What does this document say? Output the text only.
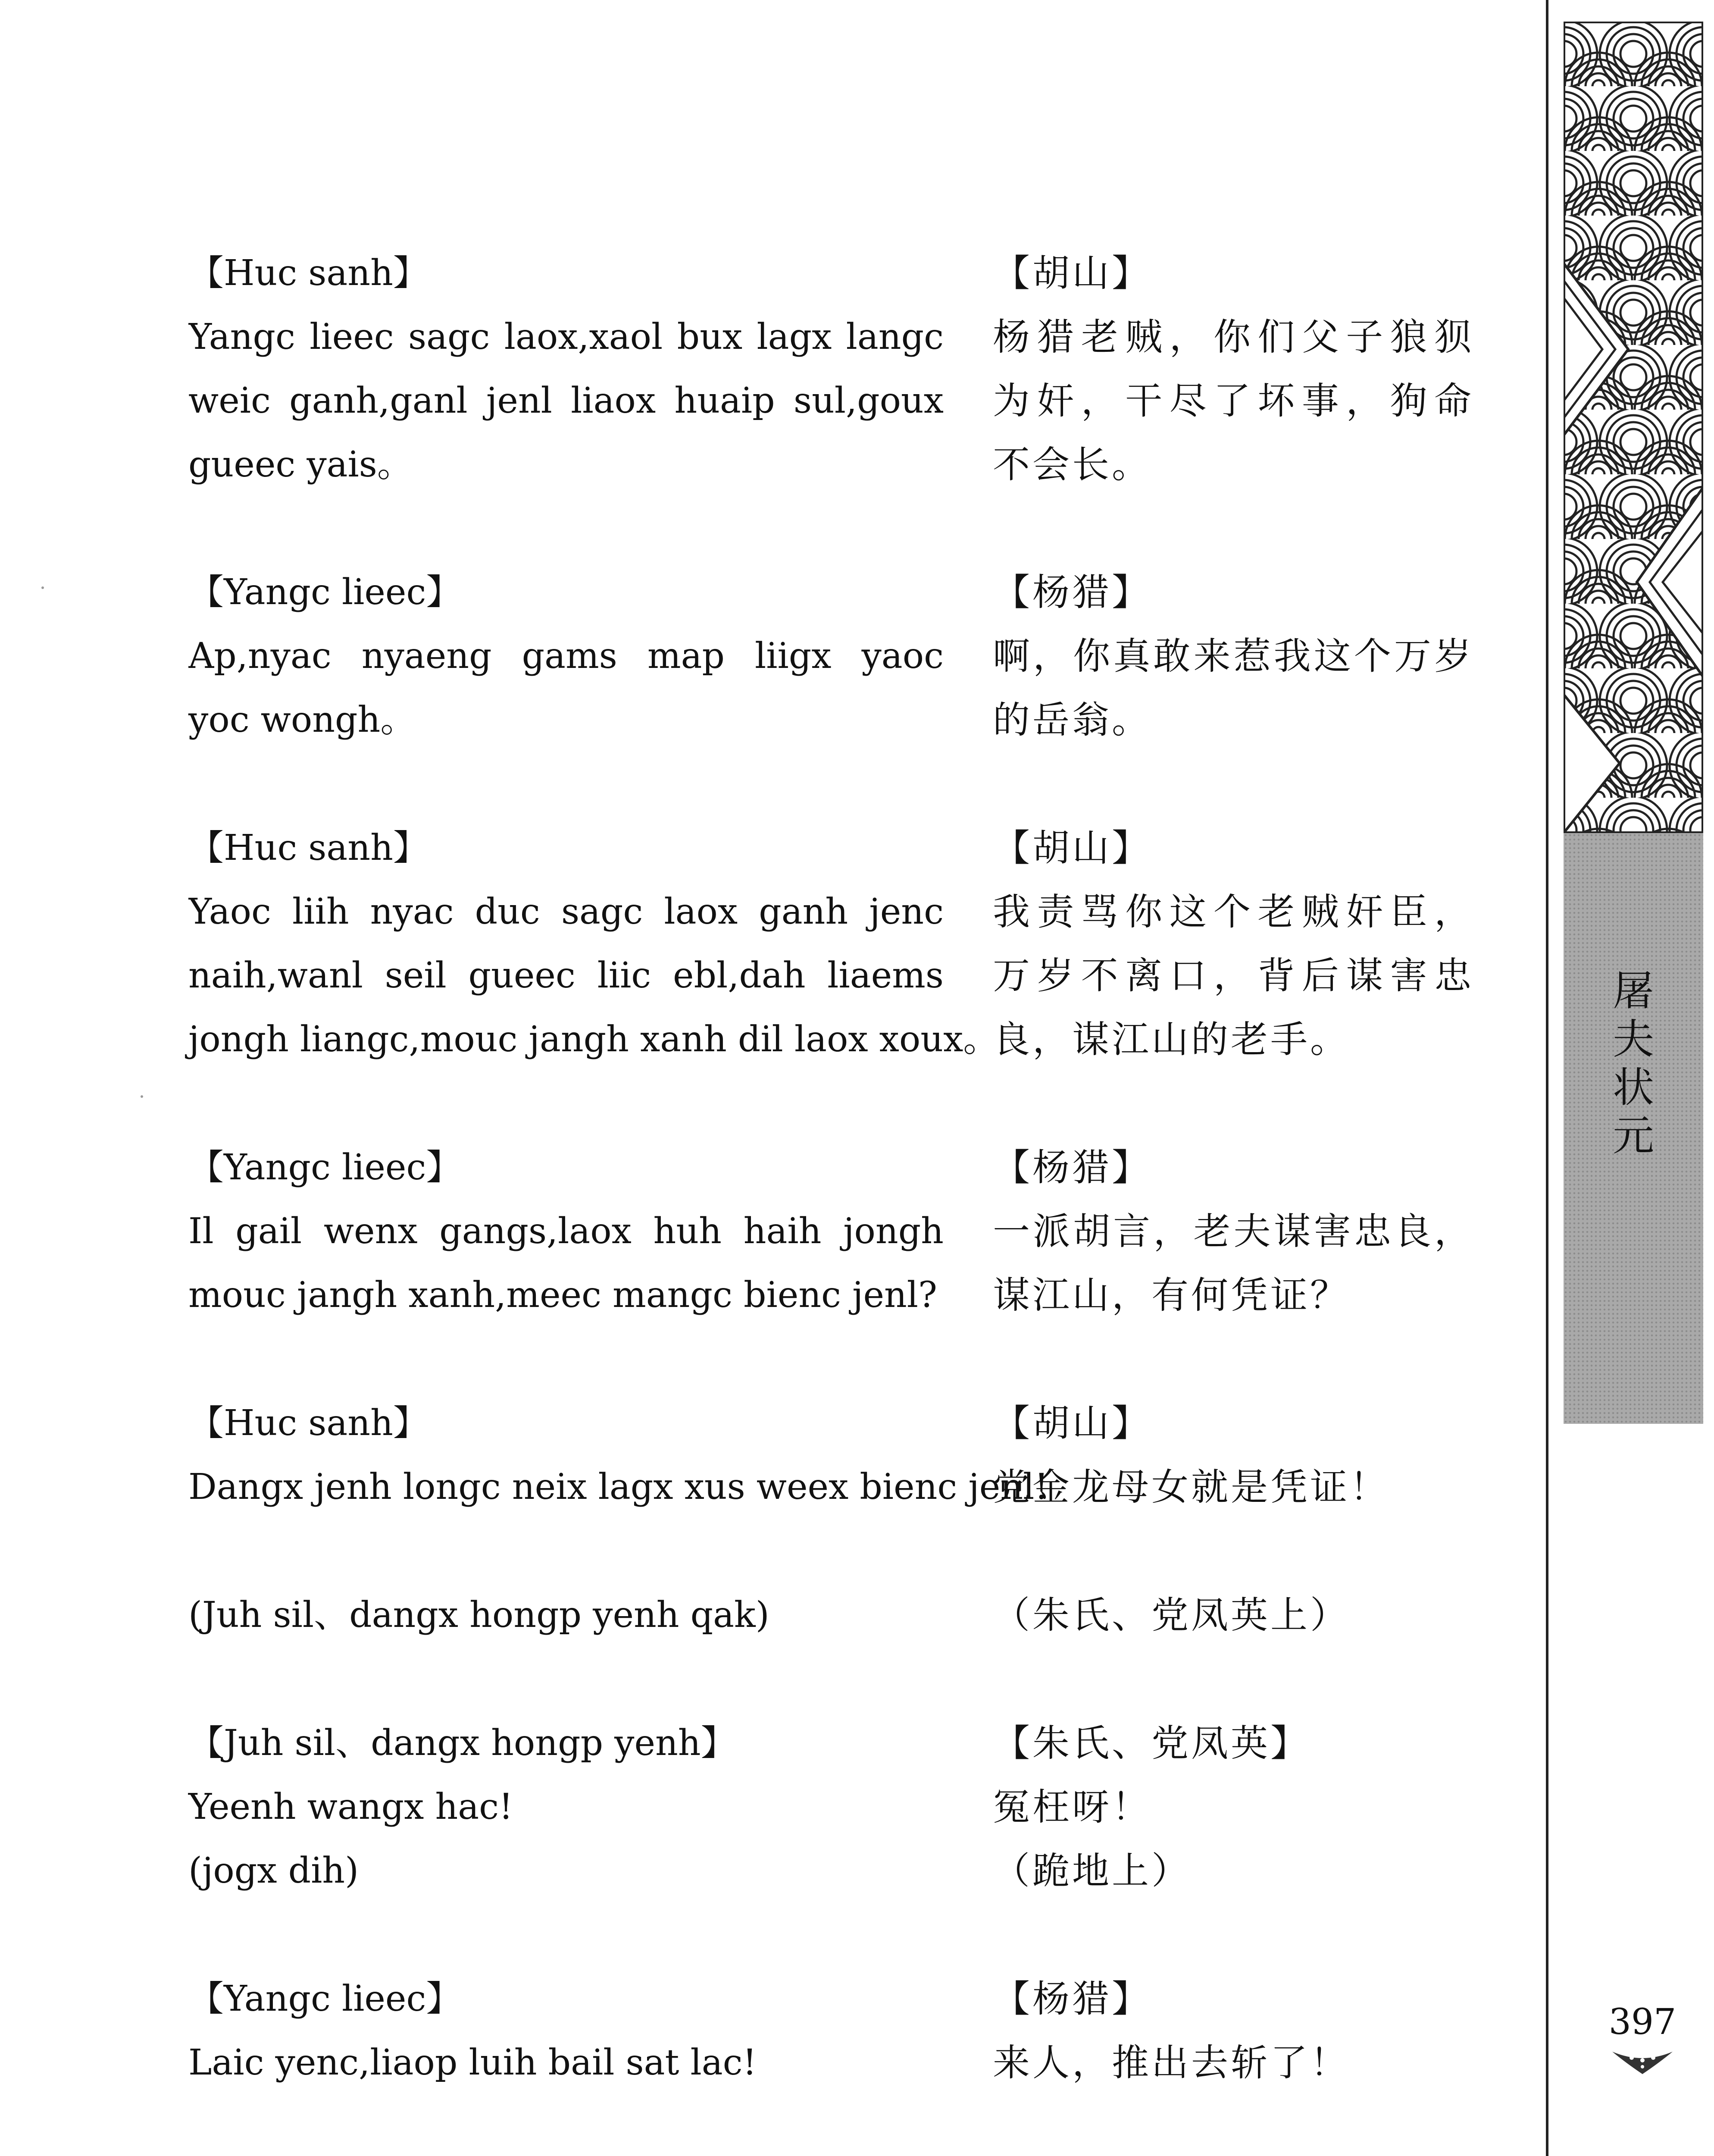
【Huc sanh】
Yangc lieec sagc laox,xaol bux lagx langc
weic ganh,ganl jenl liaox huaip sul,goux
gueec yais。
【Yangc lieec】
Ap,nyac nyaeng gams map liigx yaoc
yoc wongh。
【Huc sanh】
Yaoc liih nyac duc sagc laox ganh jenc
naih,wanl seil gueec liic ebl,dah liaems
jongh liangc,mouc jangh xanh dil laox xoux。
【Yangc lieec】
Il gail wenx gangs,laox huh haih jongh
mouc jangh xanh,meec mangc bienc jenl?
【Huc sanh】
Dangx jenh longc neix lagx xus weex bienc jenl!
(Juh sil、dangx hongp yenh qak)
【Juh sil、dangx hongp yenh】
Yeenh wangx hac!
(jogx dih)
【Yangc lieec】
Laic yenc,liaop luih bail sat lac!
【胡山】
杨猎老贼，你们父子狼狈
为奸，干尽了坏事，狗命
不会长。
【杨猎】
啊，你真敢来惹我这个万岁
的岳翁。
【胡山】
我责骂你这个老贼奸臣，
万岁不离口，背后谋害忠
良，谋江山的老手。
【杨猎】
一派胡言，老夫谋害忠良，
谋江山，有何凭证？
【胡山】
党金龙母女就是凭证！
（朱氏、党凤英上）
【朱氏、党凤英】
冤枉呀！
（跪地上）
【杨猎】
来人，推出去斩了！
屠
夫
状
元
397
